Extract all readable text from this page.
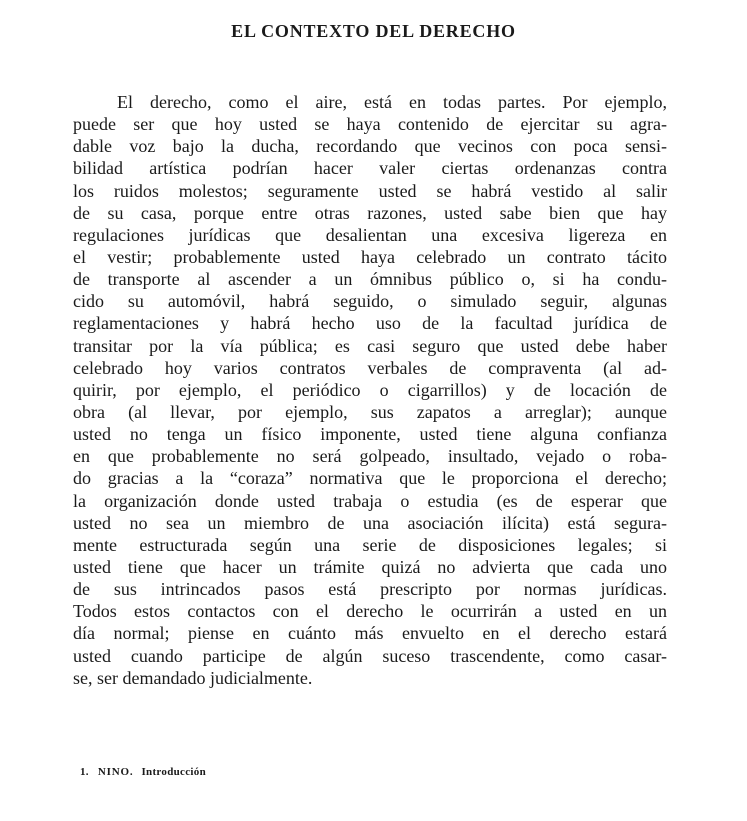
EL CONTEXTO DEL DERECHO
El derecho, como el aire, está en todas partes. Por ejemplo,
puede ser que hoy usted se haya contenido de ejercitar su agra-
dable voz bajo la ducha, recordando que vecinos con poca sensi-
bilidad artística podrían hacer valer ciertas ordenanzas contra
los ruidos molestos; seguramente usted se habrá vestido al salir
de su casa, porque entre otras razones, usted sabe bien que hay
regulaciones jurídicas que desalientan una excesiva ligereza en
el vestir; probablemente usted haya celebrado un contrato tácito
de transporte al ascender a un ómnibus público o, si ha condu-
cido su automóvil, habrá seguido, o simulado seguir, algunas
reglamentaciones y habrá hecho uso de la facultad jurídica de
transitar por la vía pública; es casi seguro que usted debe haber
celebrado hoy varios contratos verbales de compraventa (al ad-
quirir, por ejemplo, el periódico o cigarrillos) y de locación de
obra (al llevar, por ejemplo, sus zapatos a arreglar); aunque
usted no tenga un físico imponente, usted tiene alguna confianza
en que probablemente no será golpeado, insultado, vejado o roba-
do gracias a la “coraza” normativa que le proporciona el derecho;
la organización donde usted trabaja o estudia (es de esperar que
usted no sea un miembro de una asociación ilícita) está segura-
mente estructurada según una serie de disposiciones legales; si
usted tiene que hacer un trámite quizá no advierta que cada uno
de sus intrincados pasos está prescripto por normas jurídicas.
Todos estos contactos con el derecho le ocurrirán a usted en un
día normal; piense en cuánto más envuelto en el derecho estará
usted cuando participe de algún suceso trascendente, como casar-
se, ser demandado judicialmente.
1. NINO. Introducción
